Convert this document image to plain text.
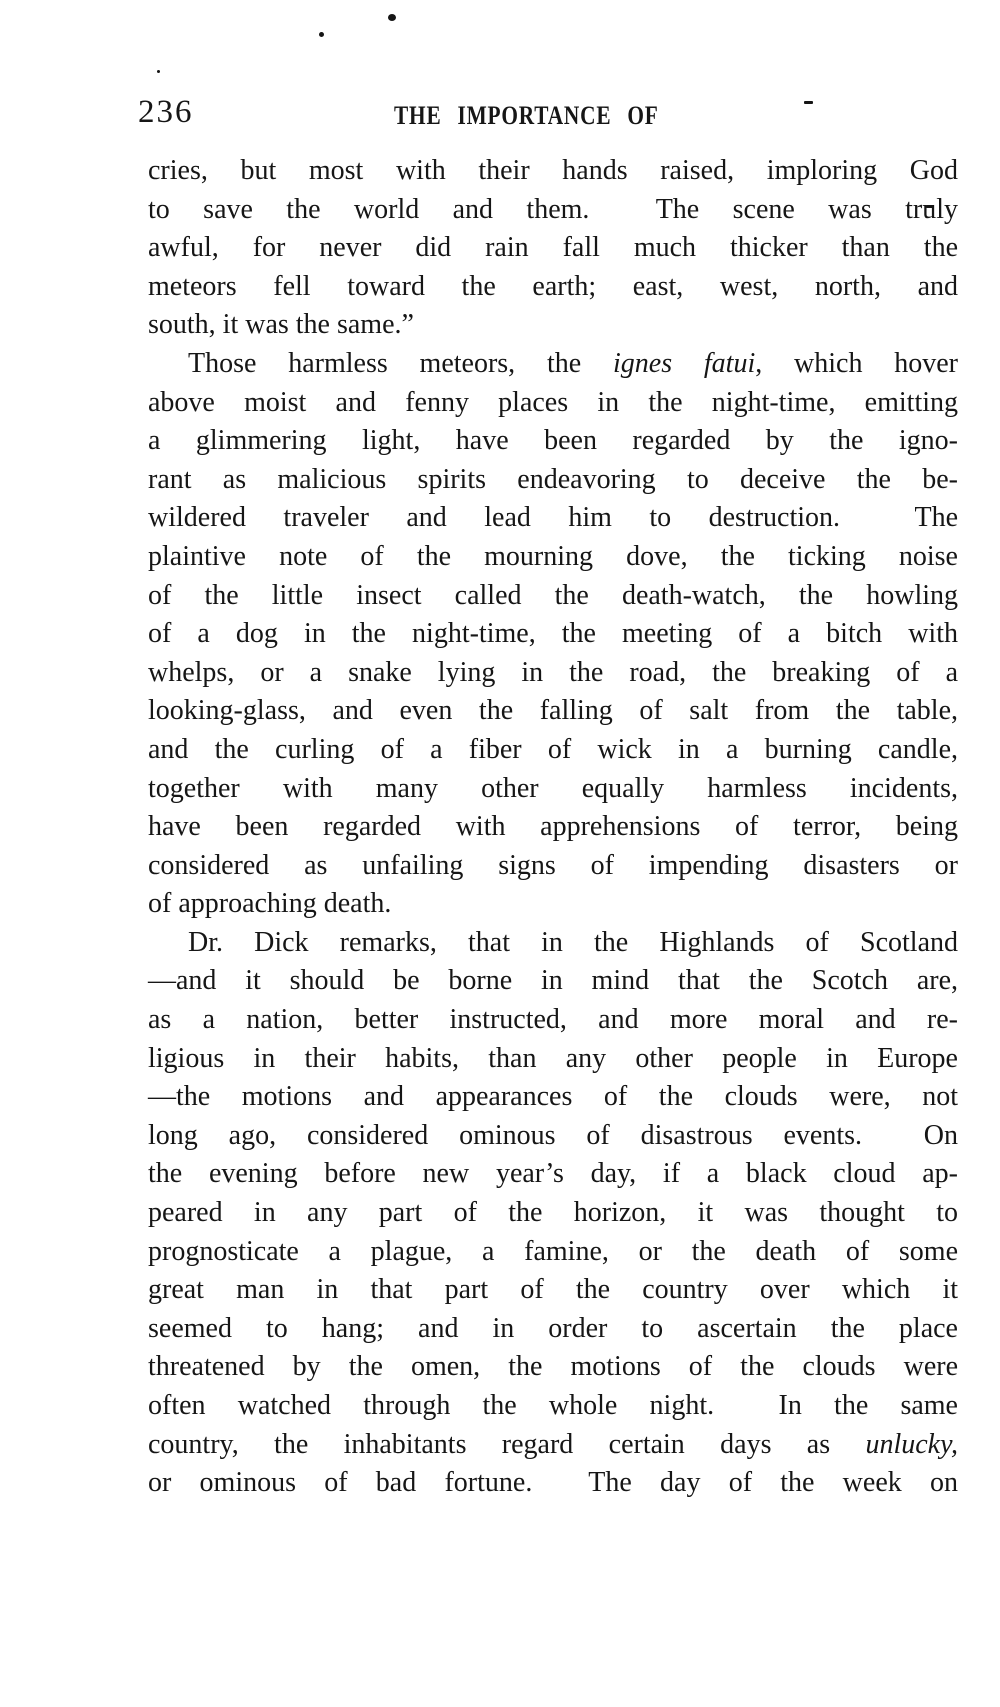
236	THE IMPORTANCE OF
cries, but most with their hands raised, imploring God
to save the world and them.  The scene was truly
awful, for never did rain fall much thicker than the
meteors fell toward the earth; east, west, north, and
south, it was the same.”
Those harmless meteors, the ignes fatui, which hover
above moist and fenny places in the night-time, emitting
a glimmering light, have been regarded by the igno-
rant as malicious spirits endeavoring to deceive the be-
wildered traveler and lead him to destruction.  The
plaintive note of the mourning dove, the ticking noise
of the little insect called the death-watch, the howling
of a dog in the night-time, the meeting of a bitch with
whelps, or a snake lying in the road, the breaking of a
looking-glass, and even the falling of salt from the table,
and the curling of a fiber of wick in a burning candle,
together with many other equally harmless incidents,
have been regarded with apprehensions of terror, being
considered as unfailing signs of impending disasters or
of approaching death.
Dr. Dick remarks, that in the Highlands of Scotland
—and it should be borne in mind that the Scotch are,
as a nation, better instructed, and more moral and re-
ligious in their habits, than any other people in Europe
—the motions and appearances of the clouds were, not
long ago, considered ominous of disastrous events.  On
the evening before new year’s day, if a black cloud ap-
peared in any part of the horizon, it was thought to
prognosticate a plague, a famine, or the death of some
great man in that part of the country over which it
seemed to hang; and in order to ascertain the place
threatened by the omen, the motions of the clouds were
often watched through the whole night.  In the same
country, the inhabitants regard certain days as unlucky,
or ominous of bad fortune.  The day of the week on
